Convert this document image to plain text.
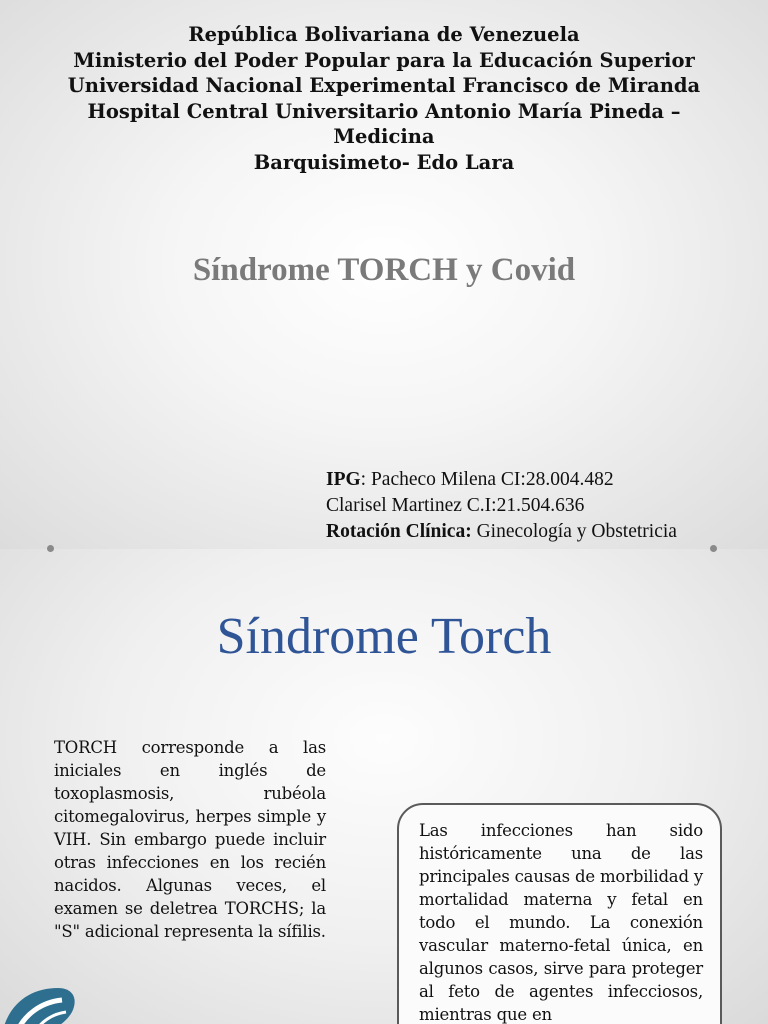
República Bolivariana de Venezuela
Ministerio del Poder Popular para la Educación Superior
Universidad Nacional Experimental Francisco de Miranda
Hospital Central Universitario Antonio María Pineda –
Medicina
Barquisimeto- Edo Lara
Síndrome TORCH y Covid
IPG: Pacheco Milena CI:28.004.482
Clarisel Martinez C.I:21.504.636
Rotación Clínica: Ginecología y Obstetricia
Síndrome Torch
TORCH corresponde a las iniciales en inglés de toxoplasmosis, rubéola citomegalovirus, herpes simple y VIH. Sin embargo puede incluir otras infecciones en los recién nacidos. Algunas veces, el examen se deletrea TORCHS; la "S" adicional representa la sífilis.
Las infecciones han sido históricamente una de las principales causas de morbilidad y mortalidad materna y fetal en todo el mundo. La conexión vascular materno-fetal única, en algunos casos, sirve para proteger al feto de agentes infecciosos, mientras que en
